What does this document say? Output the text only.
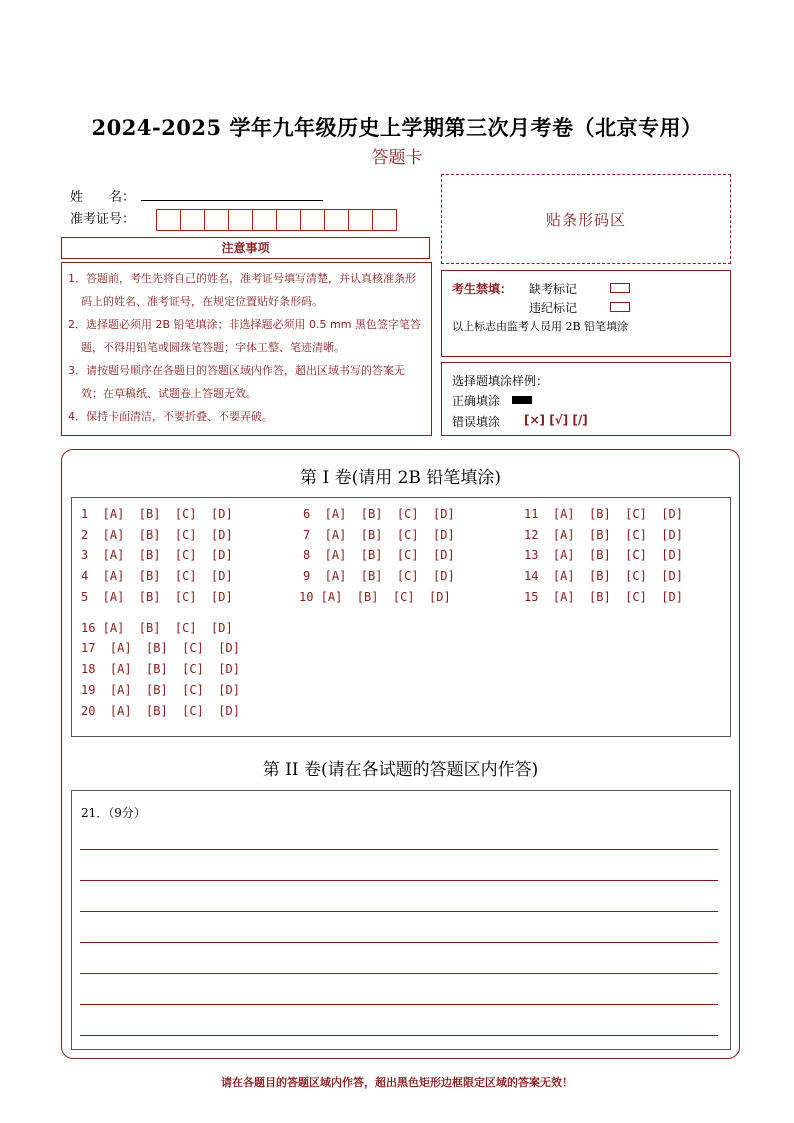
2024-2025 学年九年级历史上学期第三次月考卷（北京专用）
答题卡
姓　　名：
准考证号：	贴条形码区
注意事项

1．答题前，考生先将自己的姓名，准考证号填写清楚，并认真核准条形码上的姓名、准考证号，在规定位置贴好条形码。

2．选择题必须用 2B 铅笔填涂；非选择题必须用 0.5 mm 黑色签字笔答题，不得用铅笔或圆珠笔答题；字体工整、笔迹清晰。

3．请按题号顺序在各题目的答题区域内作答，超出区域书写的答案无效；在草稿纸、试题卷上答题无效。

4．保持卡面清洁，不要折叠、不要弄破。

考生禁填： 缺考标记
违纪标记
以上标志由监考人员用 2B 铅笔填涂
选择题填涂样例：
正确填涂
错误填涂 [×] [√] [/]
第 I 卷(请用 2B 铅笔填涂)
1  [A]  [B]  [C]  [D]
2  [A]  [B]  [C]  [D]
3  [A]  [B]  [C]  [D]
4  [A]  [B]  [C]  [D]
5  [A]  [B]  [C]  [D]
6  [A]  [B]  [C]  [D]
7  [A]  [B]  [C]  [D]
8  [A]  [B]  [C]  [D]
9  [A]  [B]  [C]  [D]
10 [A]  [B]  [C]  [D]
11  [A]  [B]  [C]  [D]
12  [A]  [B]  [C]  [D]
13  [A]  [B]  [C]  [D]
14  [A]  [B]  [C]  [D]
15  [A]  [B]  [C]  [D]
16 [A]  [B]  [C]  [D]
17  [A]  [B]  [C]  [D]
18  [A]  [B]  [C]  [D]
19  [A]  [B]  [C]  [D]
20  [A]  [B]  [C]  [D]
第 II 卷(请在各试题的答题区内作答)
21．（9分）
请在各题目的答题区域内作答，超出黑色矩形边框限定区域的答案无效！
